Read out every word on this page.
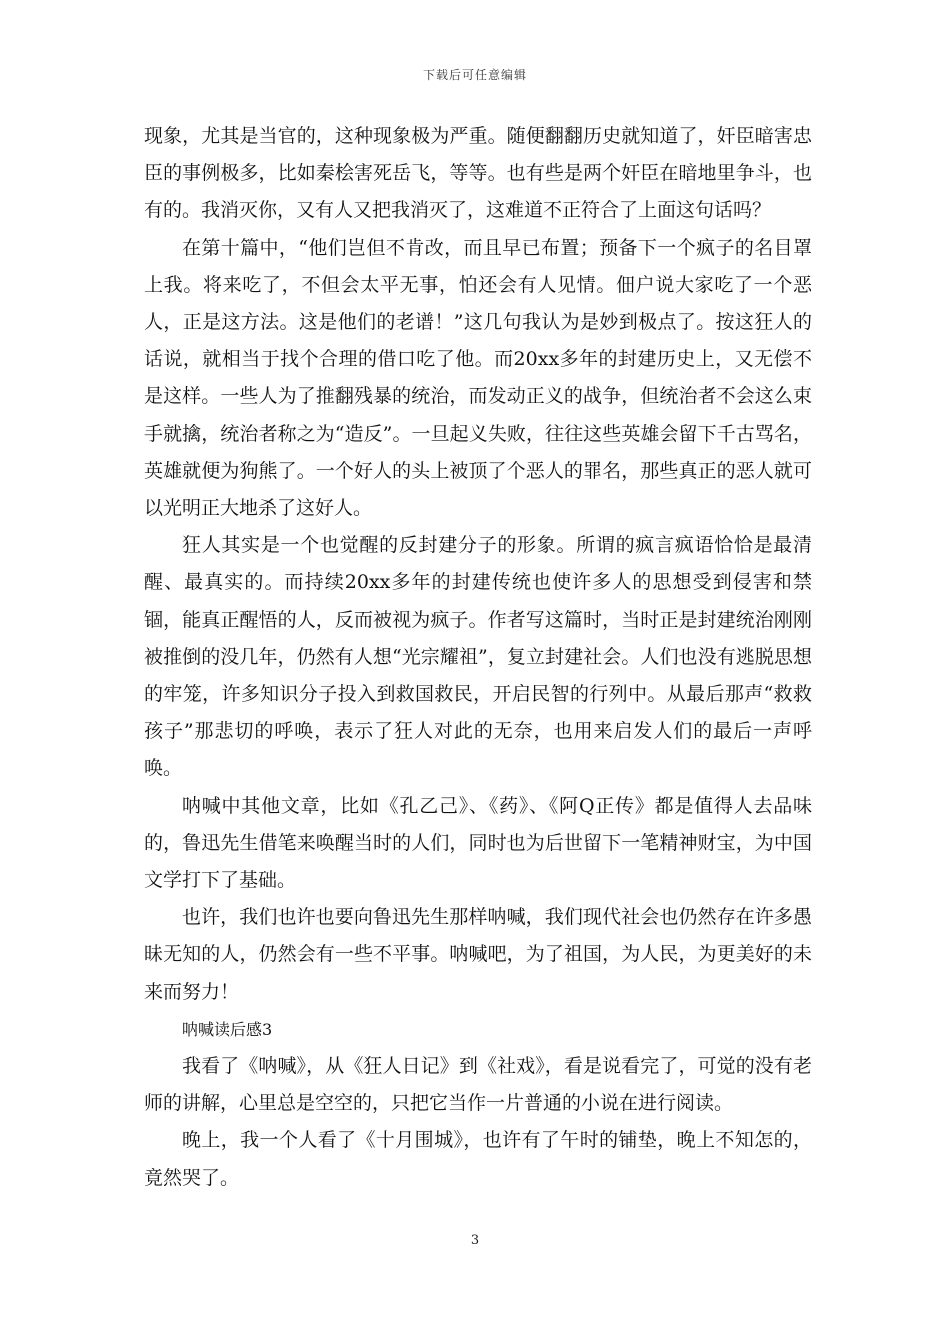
下载后可任意编辑

现象，尤其是当官的，这种现象极为严重。随便翻翻历史就知道了，奸臣暗害忠臣的事例极多，比如秦桧害死岳飞，等等。也有些是两个奸臣在暗地里争斗，也有的。我消灭你，又有人又把我消灭了，这难道不正符合了上面这句话吗？

在第十篇中，“他们岂但不肯改，而且早已布置；预备下一个疯子的名目罩上我。将来吃了，不但会太平无事，怕还会有人见情。佃户说大家吃了一个恶人，正是这方法。这是他们的老谱！”这几句我认为是妙到极点了。按这狂人的话说，就相当于找个合理的借口吃了他。而20xx多年的封建历史上，又无偿不是这样。一些人为了推翻残暴的统治，而发动正义的战争，但统治者不会这么束手就擒，统治者称之为“造反”。一旦起义失败，往往这些英雄会留下千古骂名，英雄就便为狗熊了。一个好人的头上被顶了个恶人的罪名，那些真正的恶人就可以光明正大地杀了这好人。

狂人其实是一个也觉醒的反封建分子的形象。所谓的疯言疯语恰恰是最清醒、最真实的。而持续20xx多年的封建传统也使许多人的思想受到侵害和禁锢，能真正醒悟的人，反而被视为疯子。作者写这篇时，当时正是封建统治刚刚被推倒的没几年，仍然有人想“光宗耀祖”，复立封建社会。人们也没有逃脱思想的牢笼，许多知识分子投入到救国救民，开启民智的行列中。从最后那声“救救孩子”那悲切的呼唤，表示了狂人对此的无奈，也用来启发人们的最后一声呼唤。

呐喊中其他文章，比如《孔乙己》、《药》、《阿Q正传》都是值得人去品味的，鲁迅先生借笔来唤醒当时的人们，同时也为后世留下一笔精神财宝，为中国文学打下了基础。

也许，我们也许也要向鲁迅先生那样呐喊，我们现代社会也仍然存在许多愚昧无知的人，仍然会有一些不平事。呐喊吧，为了祖国，为人民，为更美好的未来而努力！

呐喊读后感3

我看了《呐喊》，从《狂人日记》到《社戏》，看是说看完了，可觉的没有老师的讲解，心里总是空空的，只把它当作一片普通的小说在进行阅读。

晚上，我一个人看了《十月围城》，也许有了午时的铺垫，晚上不知怎的，竟然哭了。

3
